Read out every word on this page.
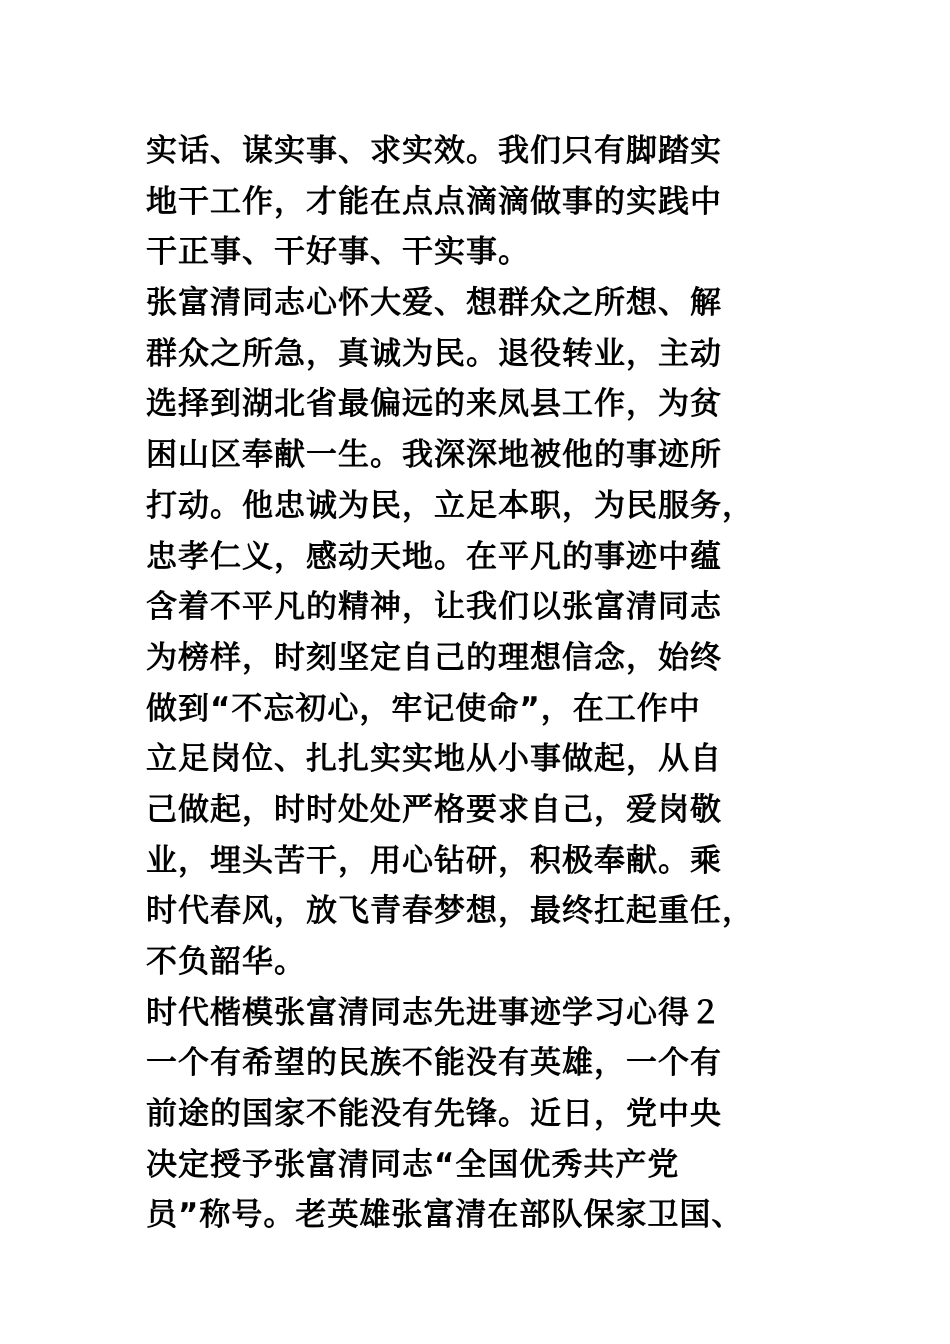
实话、谋实事、求实效。我们只有脚踏实
地干工作，才能在点点滴滴做事的实践中
干正事、干好事、干实事。
张富清同志心怀大爱、想群众之所想、解
群众之所急，真诚为民。退役转业，主动
选择到湖北省最偏远的来凤县工作，为贫
困山区奉献一生。我深深地被他的事迹所
打动。他忠诚为民，立足本职，为民服务，
忠孝仁义，感动天地。在平凡的事迹中蕴
含着不平凡的精神，让我们以张富清同志
为榜样，时刻坚定自己的理想信念，始终
做到“不忘初心，牢记使命”，在工作中
立足岗位、扎扎实实地从小事做起，从自
己做起，时时处处严格要求自己，爱岗敬
业，埋头苦干，用心钻研，积极奉献。乘
时代春风，放飞青春梦想，最终扛起重任，
不负韶华。
时代楷模张富清同志先进事迹学习心得２
一个有希望的民族不能没有英雄，一个有
前途的国家不能没有先锋。近日，党中央
决定授予张富清同志“全国优秀共产党
员”称号。老英雄张富清在部队保家卫国、
